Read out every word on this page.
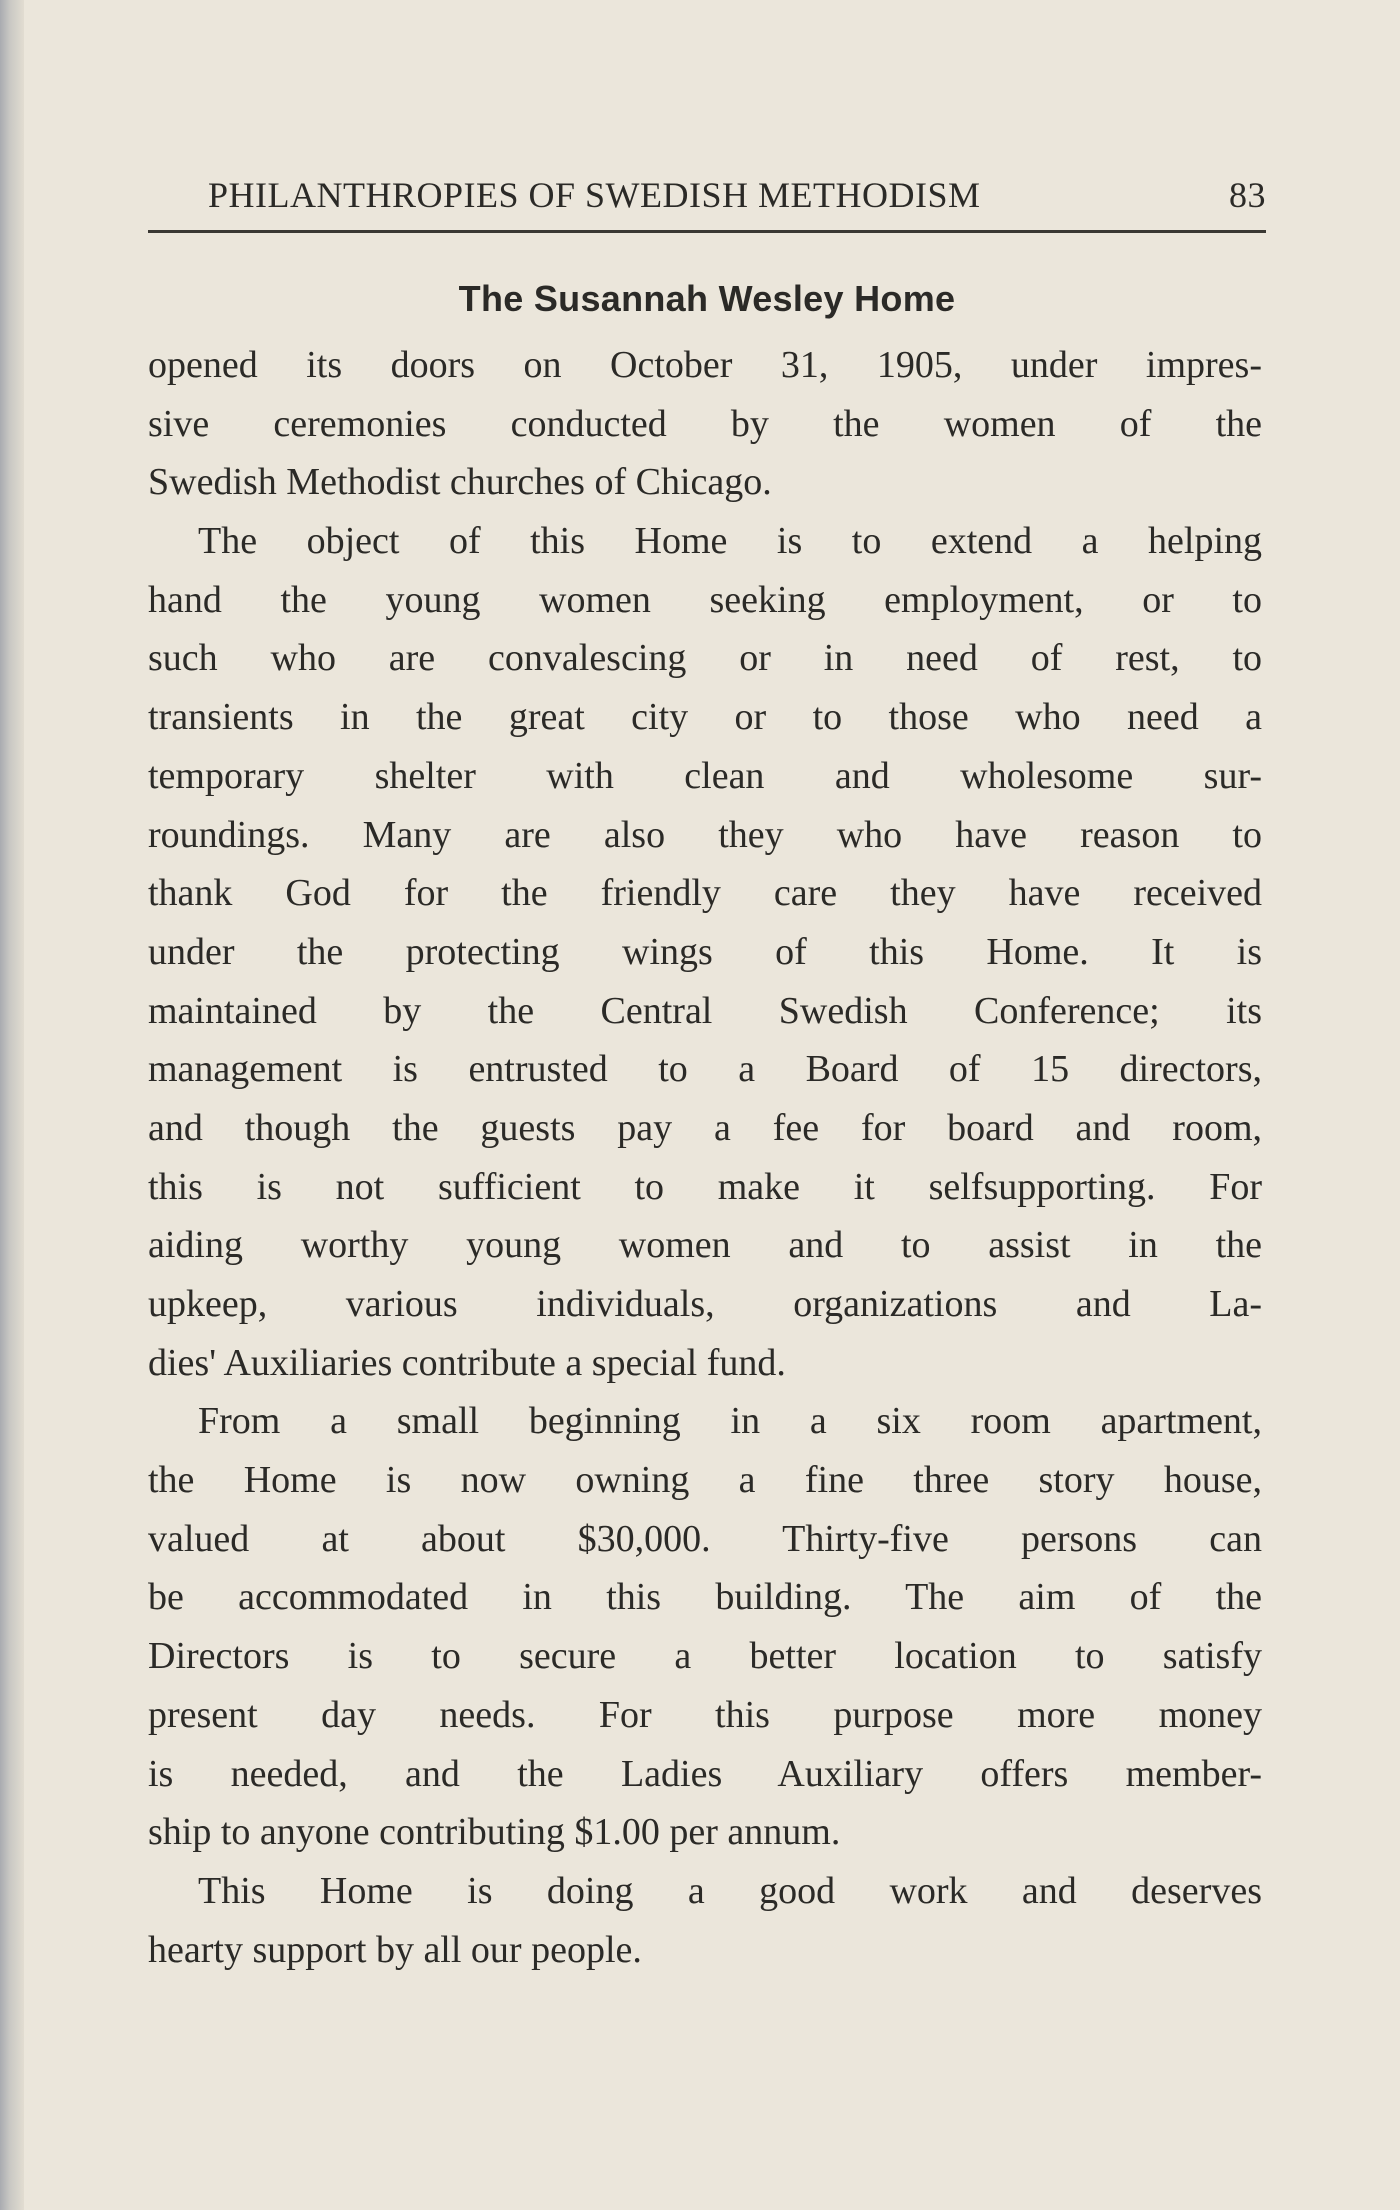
PHILANTHROPIES OF SWEDISH METHODISM	83
The Susannah Wesley Home
opened its doors on October 31, 1905, under impres-
sive ceremonies conducted by the women of the
Swedish Methodist churches of Chicago.
The object of this Home is to extend a helping
hand the young women seeking employment, or to
such who are convalescing or in need of rest, to
transients in the great city or to those who need a
temporary shelter with clean and wholesome sur-
roundings. Many are also they who have reason to
thank God for the friendly care they have received
under the protecting wings of this Home. It is
maintained by the Central Swedish Conference; its
management is entrusted to a Board of 15 directors,
and though the guests pay a fee for board and room,
this is not sufficient to make it selfsupporting. For
aiding worthy young women and to assist in the
upkeep, various individuals, organizations and La-
dies' Auxiliaries contribute a special fund.
From a small beginning in a six room apartment,
the Home is now owning a fine three story house,
valued at about $30,000. Thirty-five persons can
be accommodated in this building. The aim of the
Directors is to secure a better location to satisfy
present day needs. For this purpose more money
is needed, and the Ladies Auxiliary offers member-
ship to anyone contributing $1.00 per annum.
This Home is doing a good work and deserves
hearty support by all our people.
